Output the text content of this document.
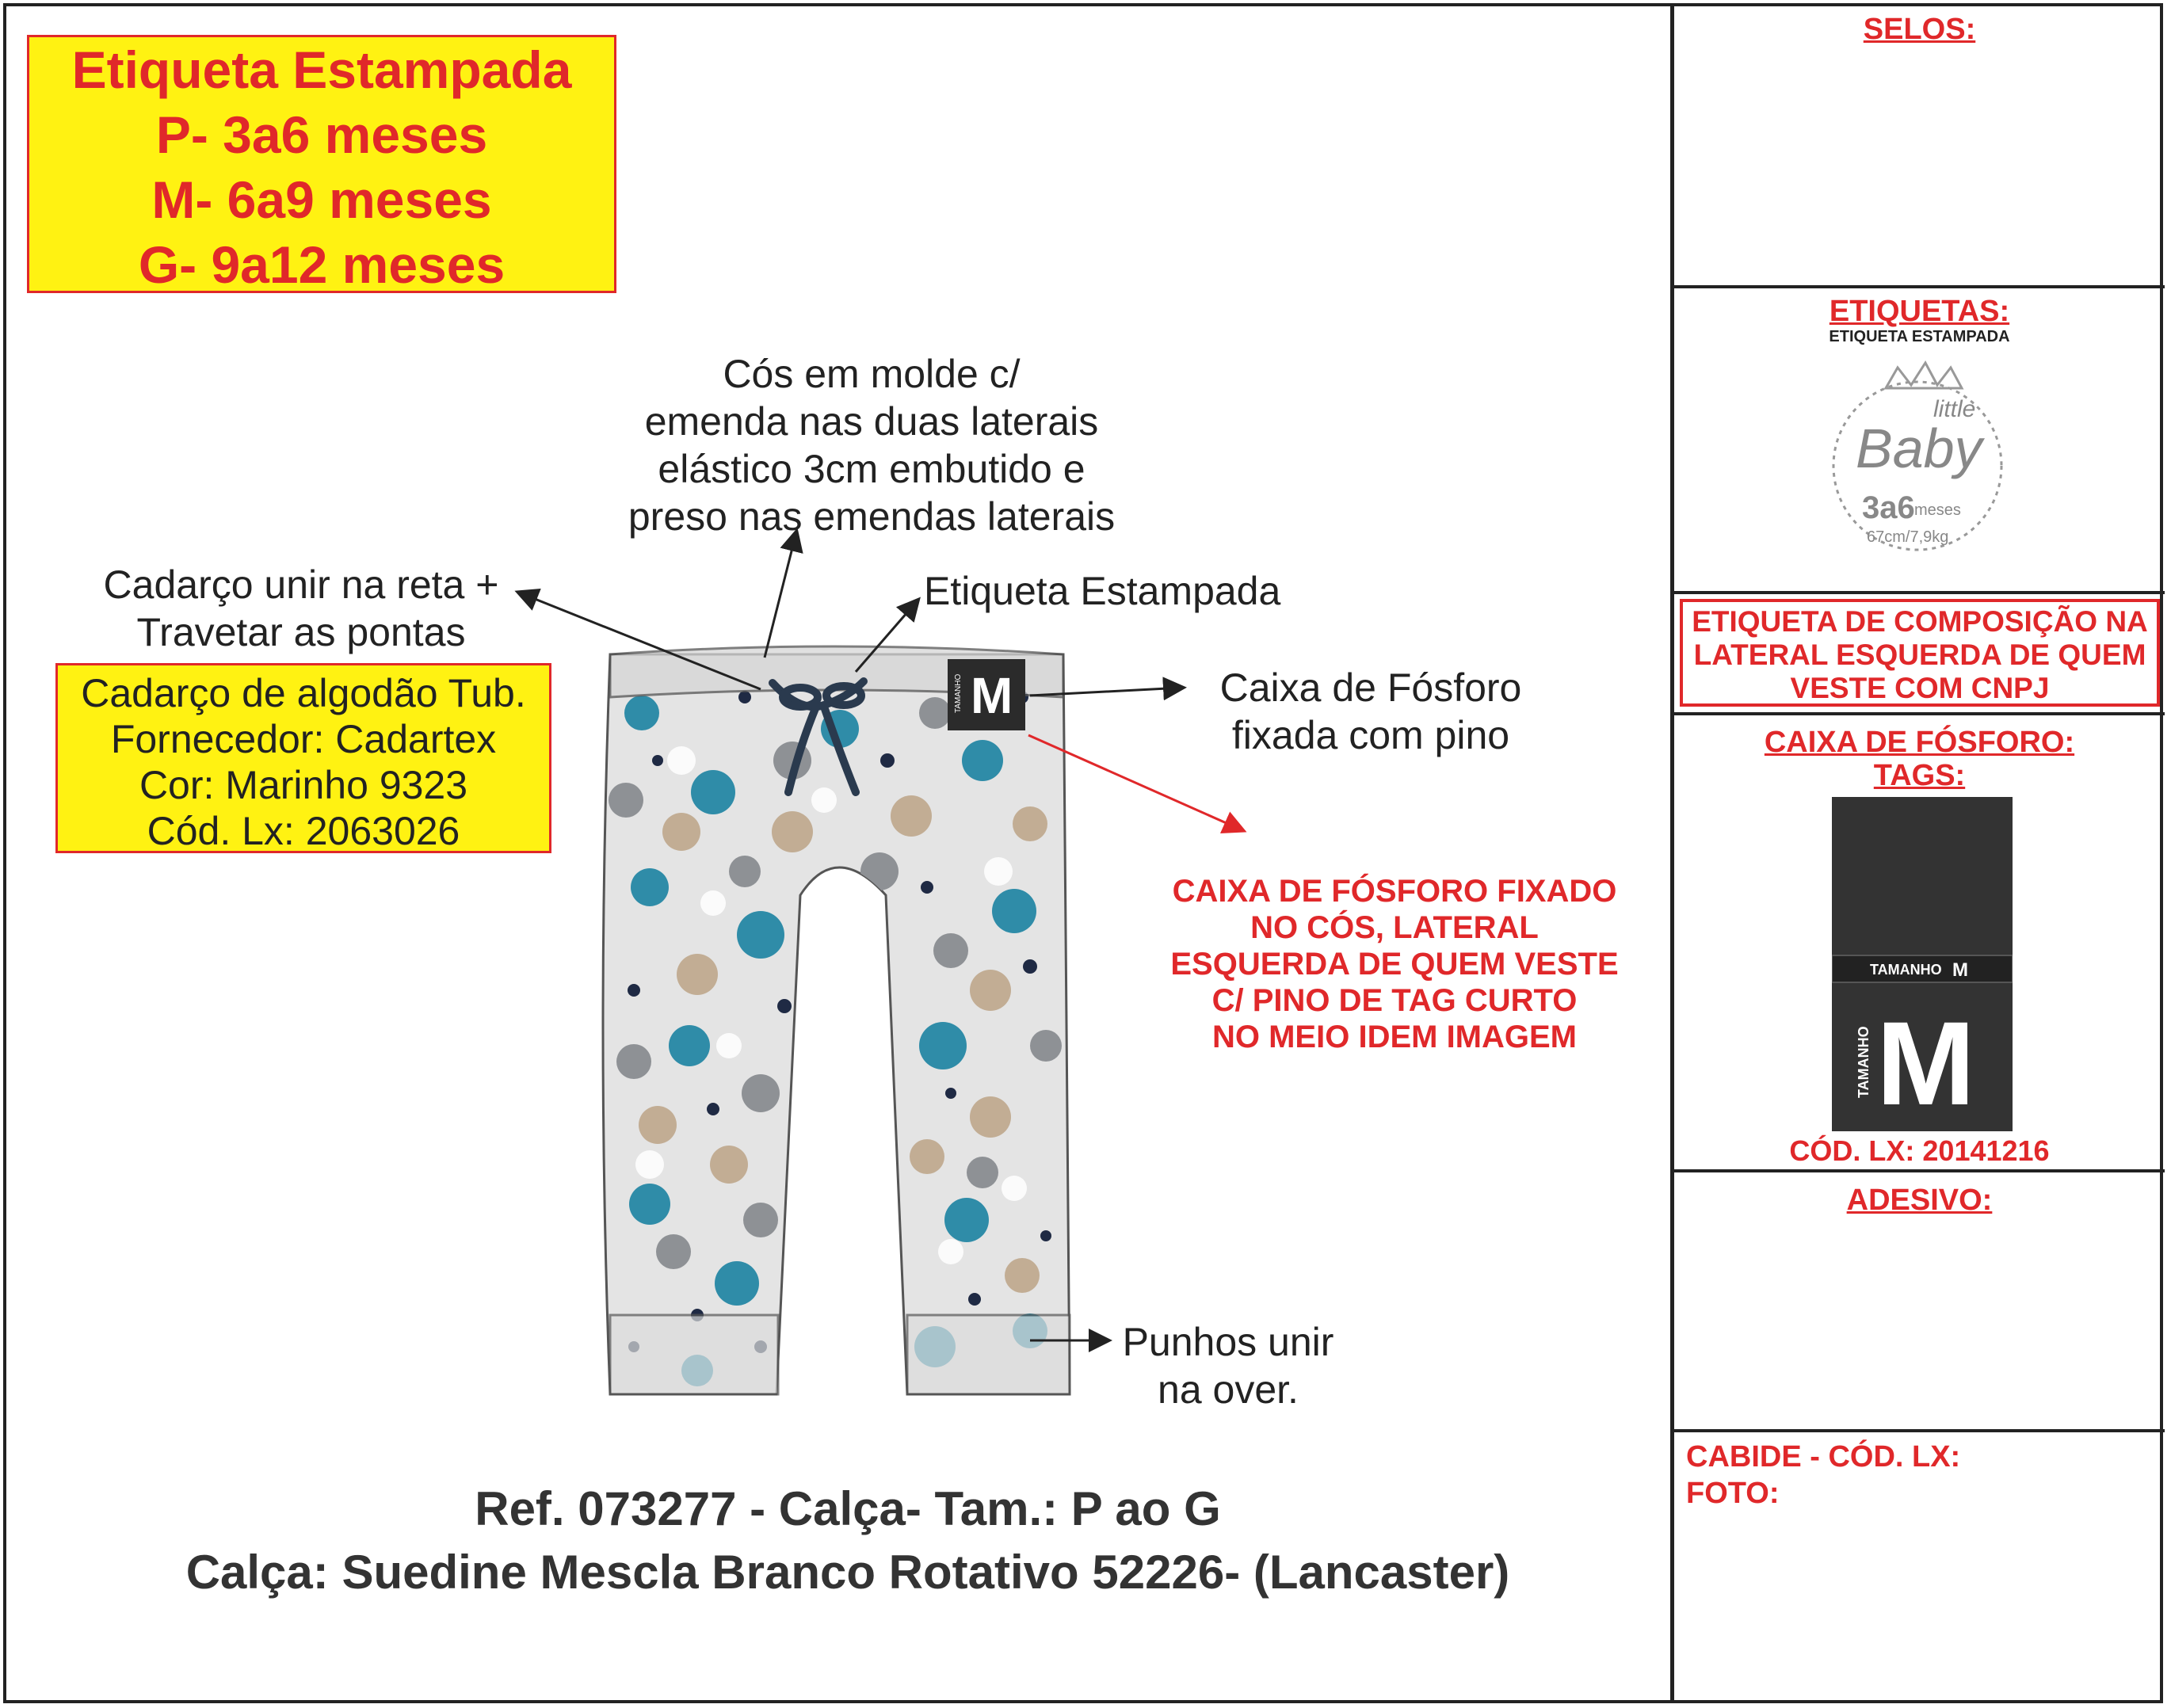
Etiqueta Estampada
P- 3a6 meses
M- 6a9 meses
G- 9a12 meses
Cós em molde c/
emenda nas duas laterais
elástico 3cm embutido e
preso nas emendas laterais
Cadarço unir na reta +
Travetar as pontas
Cadarço de algodão Tub.
Fornecedor: Cadartex
Cor: Marinho 9323
Cód. Lx: 2063026
Etiqueta Estampada
Caixa de Fósforo
fixada com pino
Punhos unir
na over.
CAIXA DE FÓSFORO FIXADO
NO CÓS, LATERAL
ESQUERDA DE QUEM VESTE
C/ PINO DE TAG CURTO
NO MEIO IDEM IMAGEM
TAMANHO M
Ref. 073277 - Calça- Tam.: P ao G
Calça: Suedine Mescla Branco Rotativo 52226- (Lancaster)
SELOS:
ETIQUETAS:
ETIQUETA ESTAMPADA
little
Baby
3a6 meses
67cm/7,9kg
ETIQUETA DE COMPOSIÇÃO NA
LATERAL ESQUERDA DE QUEM
VESTE COM CNPJ
CAIXA DE FÓSFORO:
TAGS:
TAMANHO M
TAMANHO M
CÓD. LX: 20141216
ADESIVO:
CABIDE - CÓD. LX:
FOTO:
